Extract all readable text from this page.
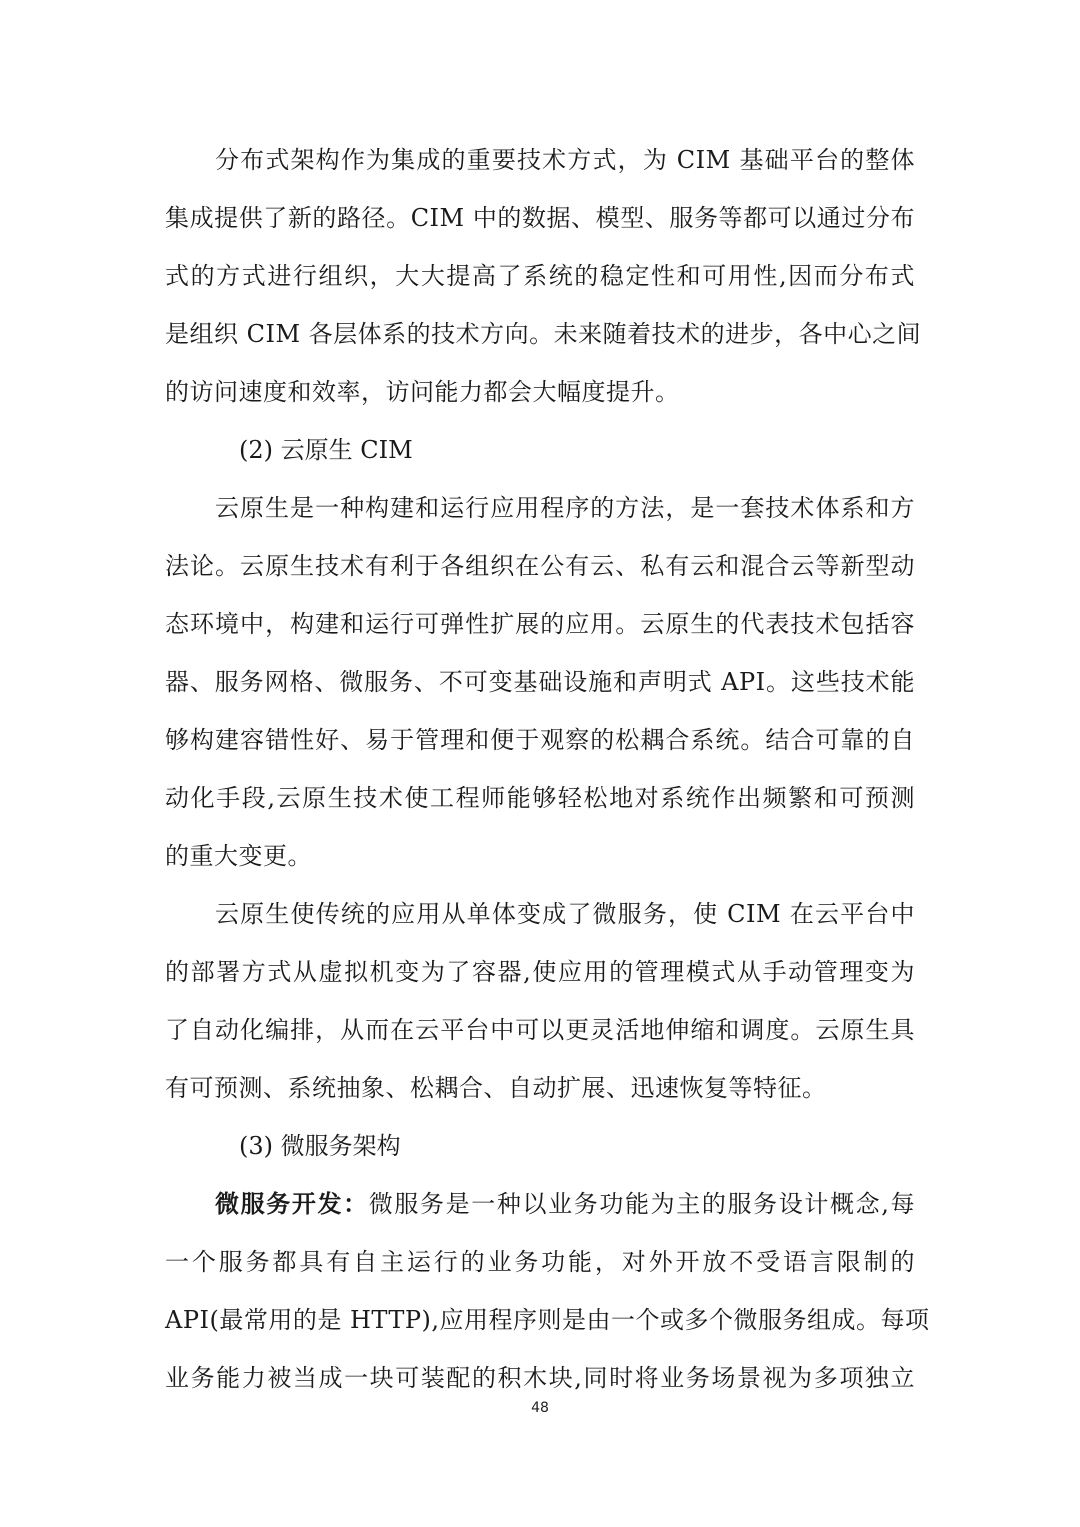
分布式架构作为集成的重要技术方式，为 CIM 基础平台的整体
集成提供了新的路径。CIM 中的数据、模型、服务等都可以通过分布
式的方式进行组织，大大提高了系统的稳定性和可用性,因而分布式
是组织 CIM 各层体系的技术方向。未来随着技术的进步，各中心之间
的访问速度和效率，访问能力都会大幅度提升。
(2) 云原生 CIM
云原生是一种构建和运行应用程序的方法，是一套技术体系和方
法论。云原生技术有利于各组织在公有云、私有云和混合云等新型动
态环境中，构建和运行可弹性扩展的应用。云原生的代表技术包括容
器、服务网格、微服务、不可变基础设施和声明式 API。这些技术能
够构建容错性好、易于管理和便于观察的松耦合系统。结合可靠的自
动化手段,云原生技术使工程师能够轻松地对系统作出频繁和可预测
的重大变更。
云原生使传统的应用从单体变成了微服务，使 CIM 在云平台中
的部署方式从虚拟机变为了容器,使应用的管理模式从手动管理变为
了自动化编排，从而在云平台中可以更灵活地伸缩和调度。云原生具
有可预测、系统抽象、松耦合、自动扩展、迅速恢复等特征。
(3) 微服务架构
微服务开发：微服务是一种以业务功能为主的服务设计概念,每
一个服务都具有自主运行的业务功能，对外开放不受语言限制的
API(最常用的是 HTTP),应用程序则是由一个或多个微服务组成。每项
业务能力被当成一块可装配的积木块,同时将业务场景视为多项独立
48
